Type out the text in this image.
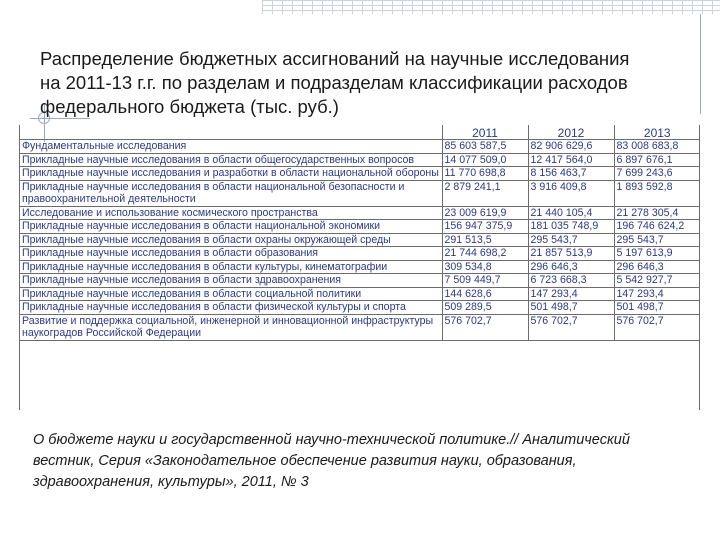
Распределение бюджетных ассигнований на научные исследования
на 2011-13 г.г. по разделам и подразделам классификации расходов
федерального бюджета (тыс. руб.)
	2011	2012	2013
Фундаментальные исследования	85 603 587,5	82 906 629,6	83 008 683,8
Прикладные научные исследования в области общегосударственных вопросов	14 077 509,0	12 417 564,0	6 897 676,1
Прикладные научные исследования и разработки в области национальной обороны	11 770 698,8	8 156 463,7	7 699 243,6
Прикладные научные исследования в области национальной безопасности и правоохранительной деятельности	2 879 241,1	3 916 409,8	1 893 592,8
Исследование и использование космического пространства	23 009 619,9	21 440 105,4	21 278 305,4
Прикладные научные исследования в области национальной экономики	156 947 375,9	181 035 748,9	196 746 624,2
Прикладные научные исследования в области охраны окружающей среды	291 513,5	295 543,7	295 543,7
Прикладные научные исследования в области образования	21 744 698,2	21 857 513,9	5 197 613,9
Прикладные научные исследования в области культуры, кинематографии	309 534,8	296 646,3	296 646,3
Прикладные научные исследования в области здравоохранения	7 509 449,7	6 723 668,3	5 542 927,7
Прикладные научные исследования в области социальной политики	144 628,6	147 293,4	147 293,4
Прикладные научные исследования в области физической культуры и спорта	509 289,5	501 498,7	501 498,7
Развитие и поддержка социальной, инженерной и инновационной инфраструктуры наукоградов Российской Федерации	576 702,7	576 702,7	576 702,7
О бюджете науки и государственной научно-технической политике.// Аналитический
вестник, Серия «Законодательное обеспечение развития науки, образования,
здравоохранения, культуры», 2011, № 3
